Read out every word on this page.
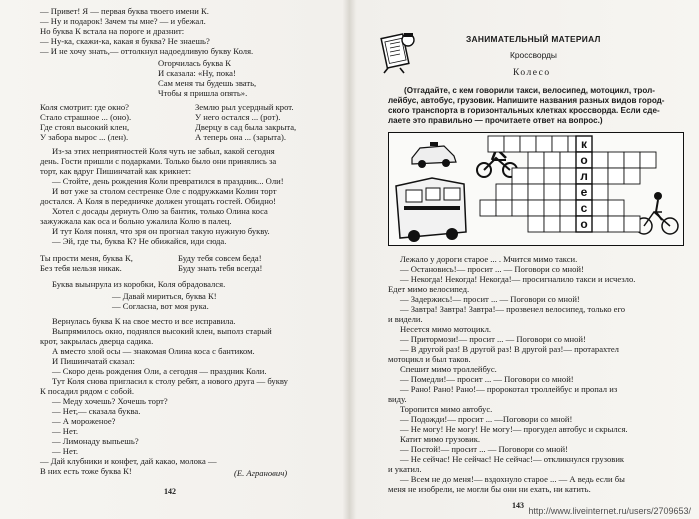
— Привет! Я — первая буква твоего имени К.
— Ну и подарок! Зачем ты мне? — и убежал.
Но буква К встала на пороге и дразнит:
— Ну-ка, скажи-ка, какая я буква? Не знаешь?
— И не хочу знать,— оттолкнул надоедливую букву Коля.
Огорчилась буква К
И сказала: «Ну, пока!
Сам меня ты будешь звать,
Чтобы я пришла опять».
Коля смотрит: где окно?
Стало страшное ... (оно).
Где стоял высокий клен,
У забора вырос ... (лен).
Землю рыл усердный крот.
У него остался ... (рот).
Дверцу в сад была закрыта,
А теперь она ... (зарыта).
Из-за этих неприятностей Коля чуть не забыл, какой сегодня
день. Гости пришли с подарками. Только было они принялись за
торт, как вдруг Пишинчатай как крикнет:
— Стойте, день рождения Коли превратился в праздник... Оли!
И вот уже за столом сестренке Оле с подружками Колин торт
достался. А Коля в передничке должен угощать гостей. Обидно!
Хотел с досады дернуть Олю за бантик, только Олина коса
зажужжала как оса и больно ужалила Колю в палец.
И тут Коля понял, что зря он прогнал такую нужную букву.
— Эй, где ты, буква К? Не обижайся, иди сюда.
Ты прости меня, буква К,
Без тебя нельзя никак.
Буду тебя совсем беда!
Буду знать тебя всегда!
Буква выынрула из коробки, Коля обрадовался.
— Давай мириться, буква К!
— Согласна, вот моя рука.
Вернулась буква К на свое место и все исправила.
Выпрямилось окно, поднялся высокий клен, выполз старый
крот, закрылась дверца садика.
А вместо злой осы — знакомая Олина коса с бантиком.
И Пишинчатай сказал:
— Скоро день рождения Оли, а сегодня — праздник Коли.
Тут Коля снова пригласил к столу ребят, а нового друга — букву
К посадил рядом с собой.
— Меду хочешь? Хочешь торт?
— Нет,— сказала буква.
— А мороженое?
— Нет.
— Лимонаду выпьешь?
— Нет.
— Дай клубники и конфет, дай какао, молока —
В них есть тоже буква К!	(Е. Агранович)
142
ЗАНИМАТЕЛЬНЫЙ МАТЕРИАЛ
Кроссворды
Колесо
(Отгадайте, с кем говорили такси, велосипед, мотоцикл, трол-
лейбус, автобус, грузовик. Напишите названия разных видов город-
ского транспорта в горизонтальных клетках кроссворда. Если сде-
лаете это правильно — прочитаете ответ на вопрос.)
к
о
л
е
с
о
Лежало у дороги старое ... . Мчится мимо такси.
— Остановись!— просит ... — Поговори со мной!
— Некогда! Некогда! Некогда!— просигналило такси и исчезло.
Едет мимо велосипед.
— Задержись!— просит ... — Поговори со мной!
— Завтра! Завтра! Завтра!— прозвенел велосипед, только его
и видели.
Несется мимо мотоцикл.
— Притормози!— просит ... — Поговори со мной!
— В другой раз! В другой раз! В другой раз!— протарахтел
мотоцикл и был таков.
Спешит мимо троллейбус.
— Помедли!— просит ... — Поговори со мной!
— Рано! Рано! Рано!— пророкотал троллейбус и пропал из
виду.
Торопится мимо автобус.
— Подожди!— просит ... —Поговори со мной!
— Не могу! Не могу! Не могу!— прогудел автобус и скрылся.
Катит мимо грузовик.
— Постой!— просит ... — Поговори со мной!
— Не сейчас! Не сейчас! Не сейчас!— откликнулся грузовик
и укатил.
— Всем не до меня!— вздохнуло старое ... — А ведь если бы
меня не изобрели, не могли бы они ни ехать, ни катить.
143
http://www.liveinternet.ru/users/2709653/
